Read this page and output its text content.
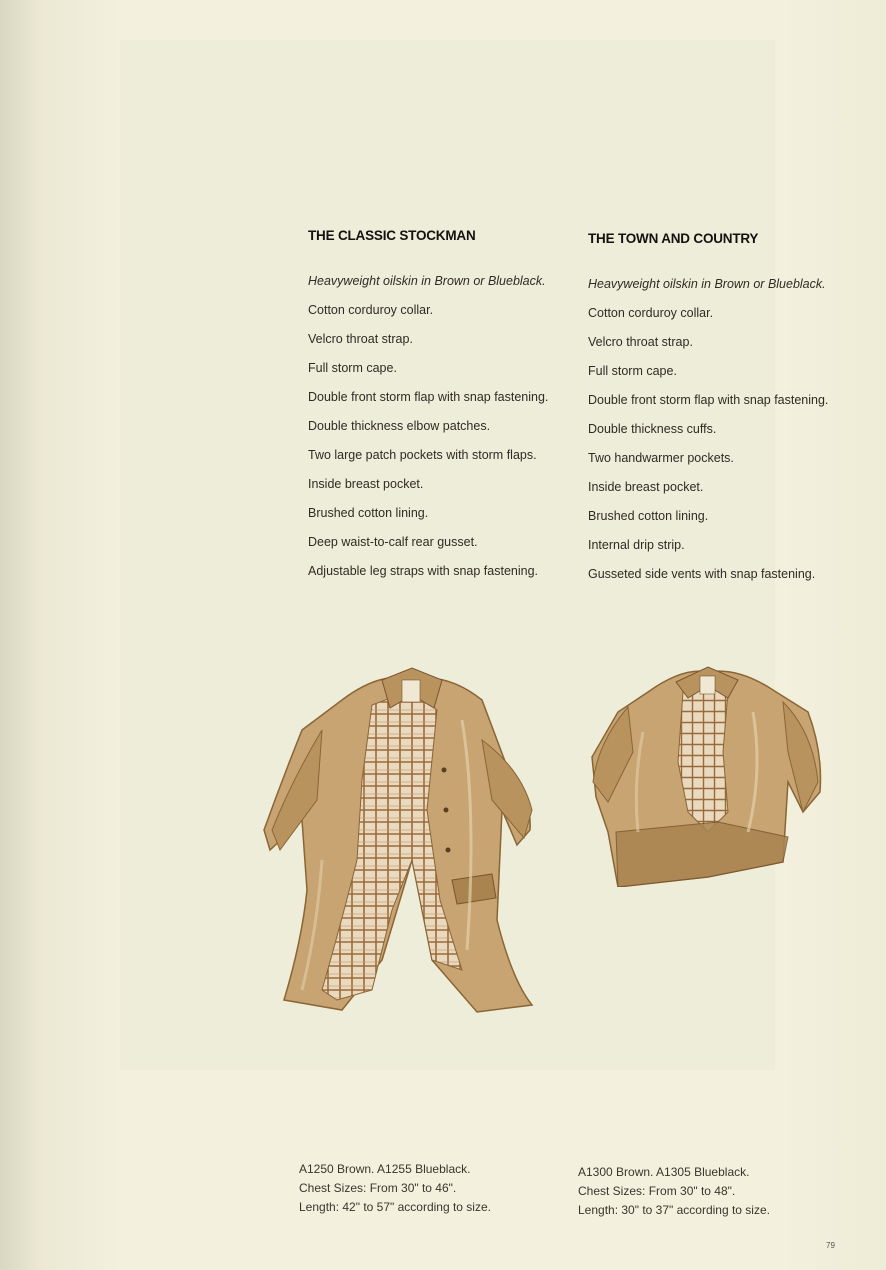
THE CLASSIC STOCKMAN
Heavyweight oilskin in Brown or Blueblack.
Cotton corduroy collar.
Velcro throat strap.
Full storm cape.
Double front storm flap with snap fastening.
Double thickness elbow patches.
Two large patch pockets with storm flaps.
Inside breast pocket.
Brushed cotton lining.
Deep waist-to-calf rear gusset.
Adjustable leg straps with snap fastening.
THE TOWN AND COUNTRY
Heavyweight oilskin in Brown or Blueblack.
Cotton corduroy collar.
Velcro throat strap.
Full storm cape.
Double front storm flap with snap fastening.
Double thickness cuffs.
Two handwarmer pockets.
Inside breast pocket.
Brushed cotton lining.
Internal drip strip.
Gusseted side vents with snap fastening.
A1250 Brown. A1255 Blueblack.
Chest Sizes: From 30" to 46".
Length: 42" to 57" according to size.
A1300 Brown. A1305 Blueblack.
Chest Sizes: From 30" to 48".
Length: 30" to 37" according to size.
79
